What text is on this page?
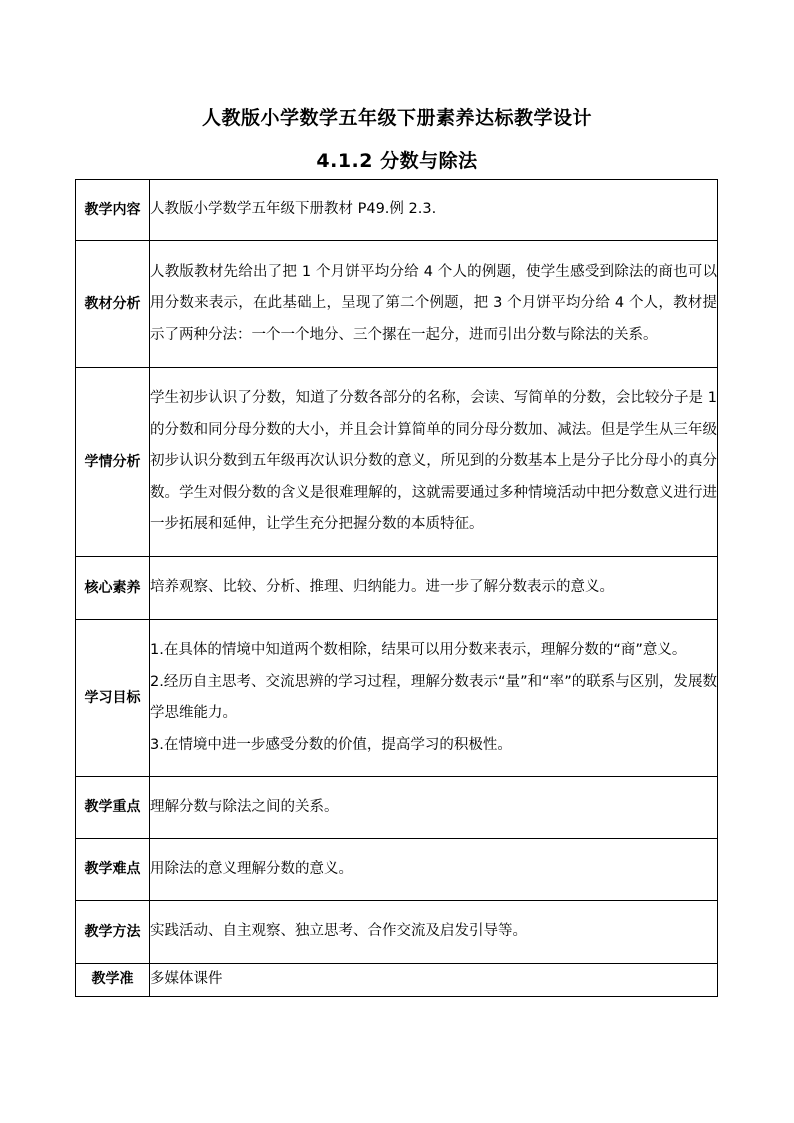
人教版小学数学五年级下册素养达标教学设计
4.1.2 分数与除法
教学内容	人教版小学数学五年级下册教材 P49.例 2.3.

教材分析	人教版教材先给出了把 1 个月饼平均分给 4 个人的例题，使学生感受到除法的商也可以用分数来表示，在此基础上，呈现了第二个例题，把 3 个月饼平均分给 4 个人，教材提示了两种分法：一个一个地分、三个摞在一起分，进而引出分数与除法的关系。

学情分析	学生初步认识了分数，知道了分数各部分的名称，会读、写简单的分数，会比较分子是 1 的分数和同分母分数的大小，并且会计算简单的同分母分数加、减法。但是学生从三年级初步认识分数到五年级再次认识分数的意义，所见到的分数基本上是分子比分母小的真分数。学生对假分数的含义是很难理解的，这就需要通过多种情境活动中把分数意义进行进一步拓展和延伸，让学生充分把握分数的本质特征。

核心素养	培养观察、比较、分析、推理、归纳能力。进一步了解分数表示的意义。

学习目标	1.在具体的情境中知道两个数相除，结果可以用分数来表示，理解分数的“商”意义。

2.经历自主思考、交流思辨的学习过程，理解分数表示“量”和“率”的联系与区别，发展数学思维能力。

3.在情境中进一步感受分数的价值，提高学习的积极性。

教学重点	理解分数与除法之间的关系。

教学难点	用除法的意义理解分数的意义。

教学方法	实践活动、自主观察、独立思考、合作交流及启发引导等。

教学准	多媒体课件
